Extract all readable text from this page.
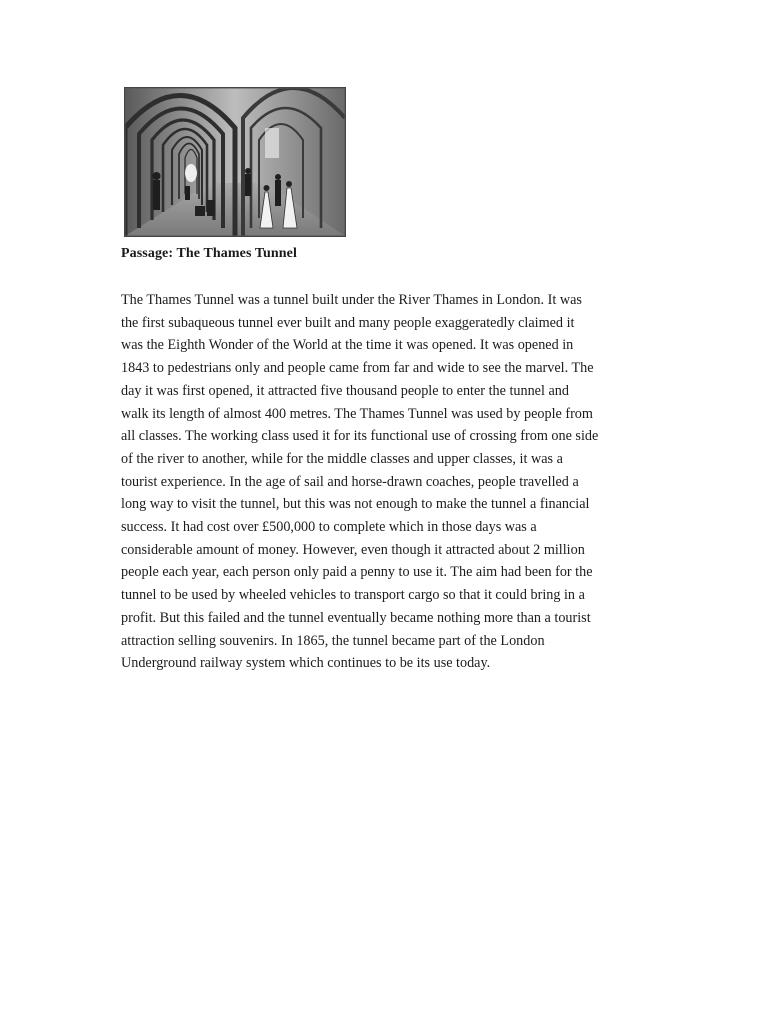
Passage: The Thames Tunnel
The Thames Tunnel was a tunnel built under the River Thames in London. It was
the first subaqueous tunnel ever built and many people exaggeratedly claimed it
was the Eighth Wonder of the World at the time it was opened. It was opened in
1843 to pedestrians only and people came from far and wide to see the marvel. The
day it was first opened, it attracted five thousand people to enter the tunnel and
walk its length of almost 400 metres. The Thames Tunnel was used by people from
all classes. The working class used it for its functional use of crossing from one side
of the river to another, while for the middle classes and upper classes, it was a
tourist experience. In the age of sail and horse-drawn coaches, people travelled a
long way to visit the tunnel, but this was not enough to make the tunnel a financial
success. It had cost over £500,000 to complete which in those days was a
considerable amount of money. However, even though it attracted about 2 million
people each year, each person only paid a penny to use it. The aim had been for the
tunnel to be used by wheeled vehicles to transport cargo so that it could bring in a
profit. But this failed and the tunnel eventually became nothing more than a tourist
attraction selling souvenirs. In 1865, the tunnel became part of the London
Underground railway system which continues to be its use today.
